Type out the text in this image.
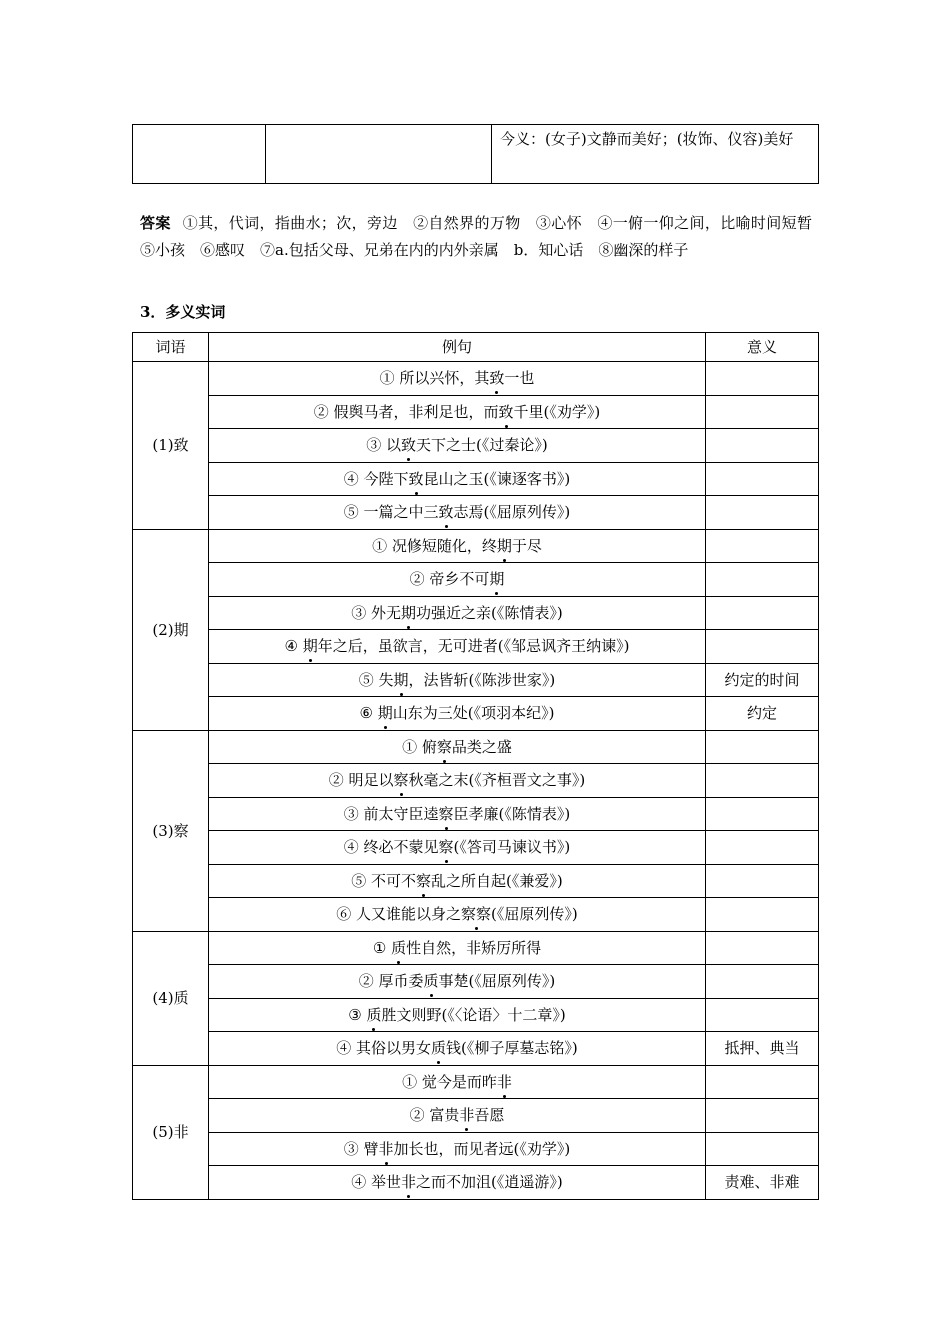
		今义：(女子)文静而美好；(妆饰、仪容)美好
答案 ①其，代词，指曲水；次，旁边　②自然界的万物　③心怀　④一俯一仰之间，比喻时间短暂　⑤小孩　⑥感叹　⑦a.包括父母、兄弟在内的内外亲属　b．知心话　⑧幽深的样子
3．多义实词
词语	例句	意义
(1)致	① 所以兴怀，其致一也	
	② 假舆马者，非利足也，而致千里(《劝学》)	
	③ 以致天下之士(《过秦论》)	
	④ 今陛下致昆山之玉(《谏逐客书》)	
	⑤ 一篇之中三致志焉(《屈原列传》)	
(2)期	① 况修短随化，终期于尽	
	② 帝乡不可期	
	③ 外无期功强近之亲(《陈情表》)	
	④ 期年之后，虽欲言，无可进者(《邹忌讽齐王纳谏》)	
	⑤ 失期，法皆斩(《陈涉世家》)	约定的时间
	⑥ 期山东为三处(《项羽本纪》)	约定
(3)察	① 俯察品类之盛	
	② 明足以察秋毫之末(《齐桓晋文之事》)	
	③ 前太守臣逵察臣孝廉(《陈情表》)	
	④ 终必不蒙见察(《答司马谏议书》)	
	⑤ 不可不察乱之所自起(《兼爱》)	
	⑥ 人又谁能以身之察察(《屈原列传》)	
(4)质	① 质性自然，非矫厉所得	
	② 厚币委质事楚(《屈原列传》)	
	③ 质胜文则野(《〈论语〉十二章》)	
	④ 其俗以男女质钱(《柳子厚墓志铭》)	抵押、典当
(5)非	① 觉今是而昨非	
	② 富贵非吾愿	
	③ 臂非加长也，而见者远(《劝学》)	
	④ 举世非之而不加沮(《逍遥游》)	责难、非难
